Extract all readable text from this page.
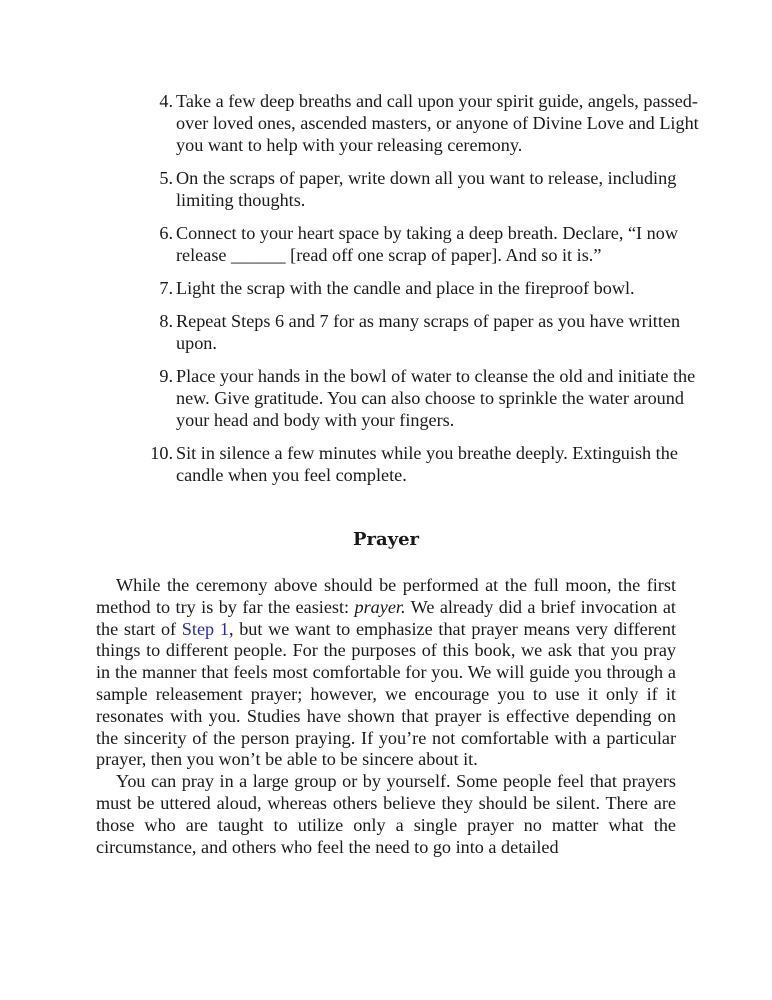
4. Take a few deep breaths and call upon your spirit guide, angels, passed-over loved ones, ascended masters, or anyone of Divine Love and Light you want to help with your releasing ceremony.
5. On the scraps of paper, write down all you want to release, including limiting thoughts.
6. Connect to your heart space by taking a deep breath. Declare, “I now release ______ [read off one scrap of paper]. And so it is.”
7. Light the scrap with the candle and place in the fireproof bowl.
8. Repeat Steps 6 and 7 for as many scraps of paper as you have written upon.
9. Place your hands in the bowl of water to cleanse the old and initiate the new. Give gratitude. You can also choose to sprinkle the water around your head and body with your fingers.
10. Sit in silence a few minutes while you breathe deeply. Extinguish the candle when you feel complete.
Prayer

While the ceremony above should be performed at the full moon, the first method to try is by far the easiest: prayer. We already did a brief invocation at the start of Step 1, but we want to emphasize that prayer means very different things to different people. For the purposes of this book, we ask that you pray in the manner that feels most comfortable for you. We will guide you through a sample releasement prayer; however, we encourage you to use it only if it resonates with you. Studies have shown that prayer is effective depending on the sincerity of the person praying. If you’re not comfortable with a particular prayer, then you won’t be able to be sincere about it.

You can pray in a large group or by yourself. Some people feel that prayers must be uttered aloud, whereas others believe they should be silent. There are those who are taught to utilize only a single prayer no matter what the circumstance, and others who feel the need to go into a detailed
